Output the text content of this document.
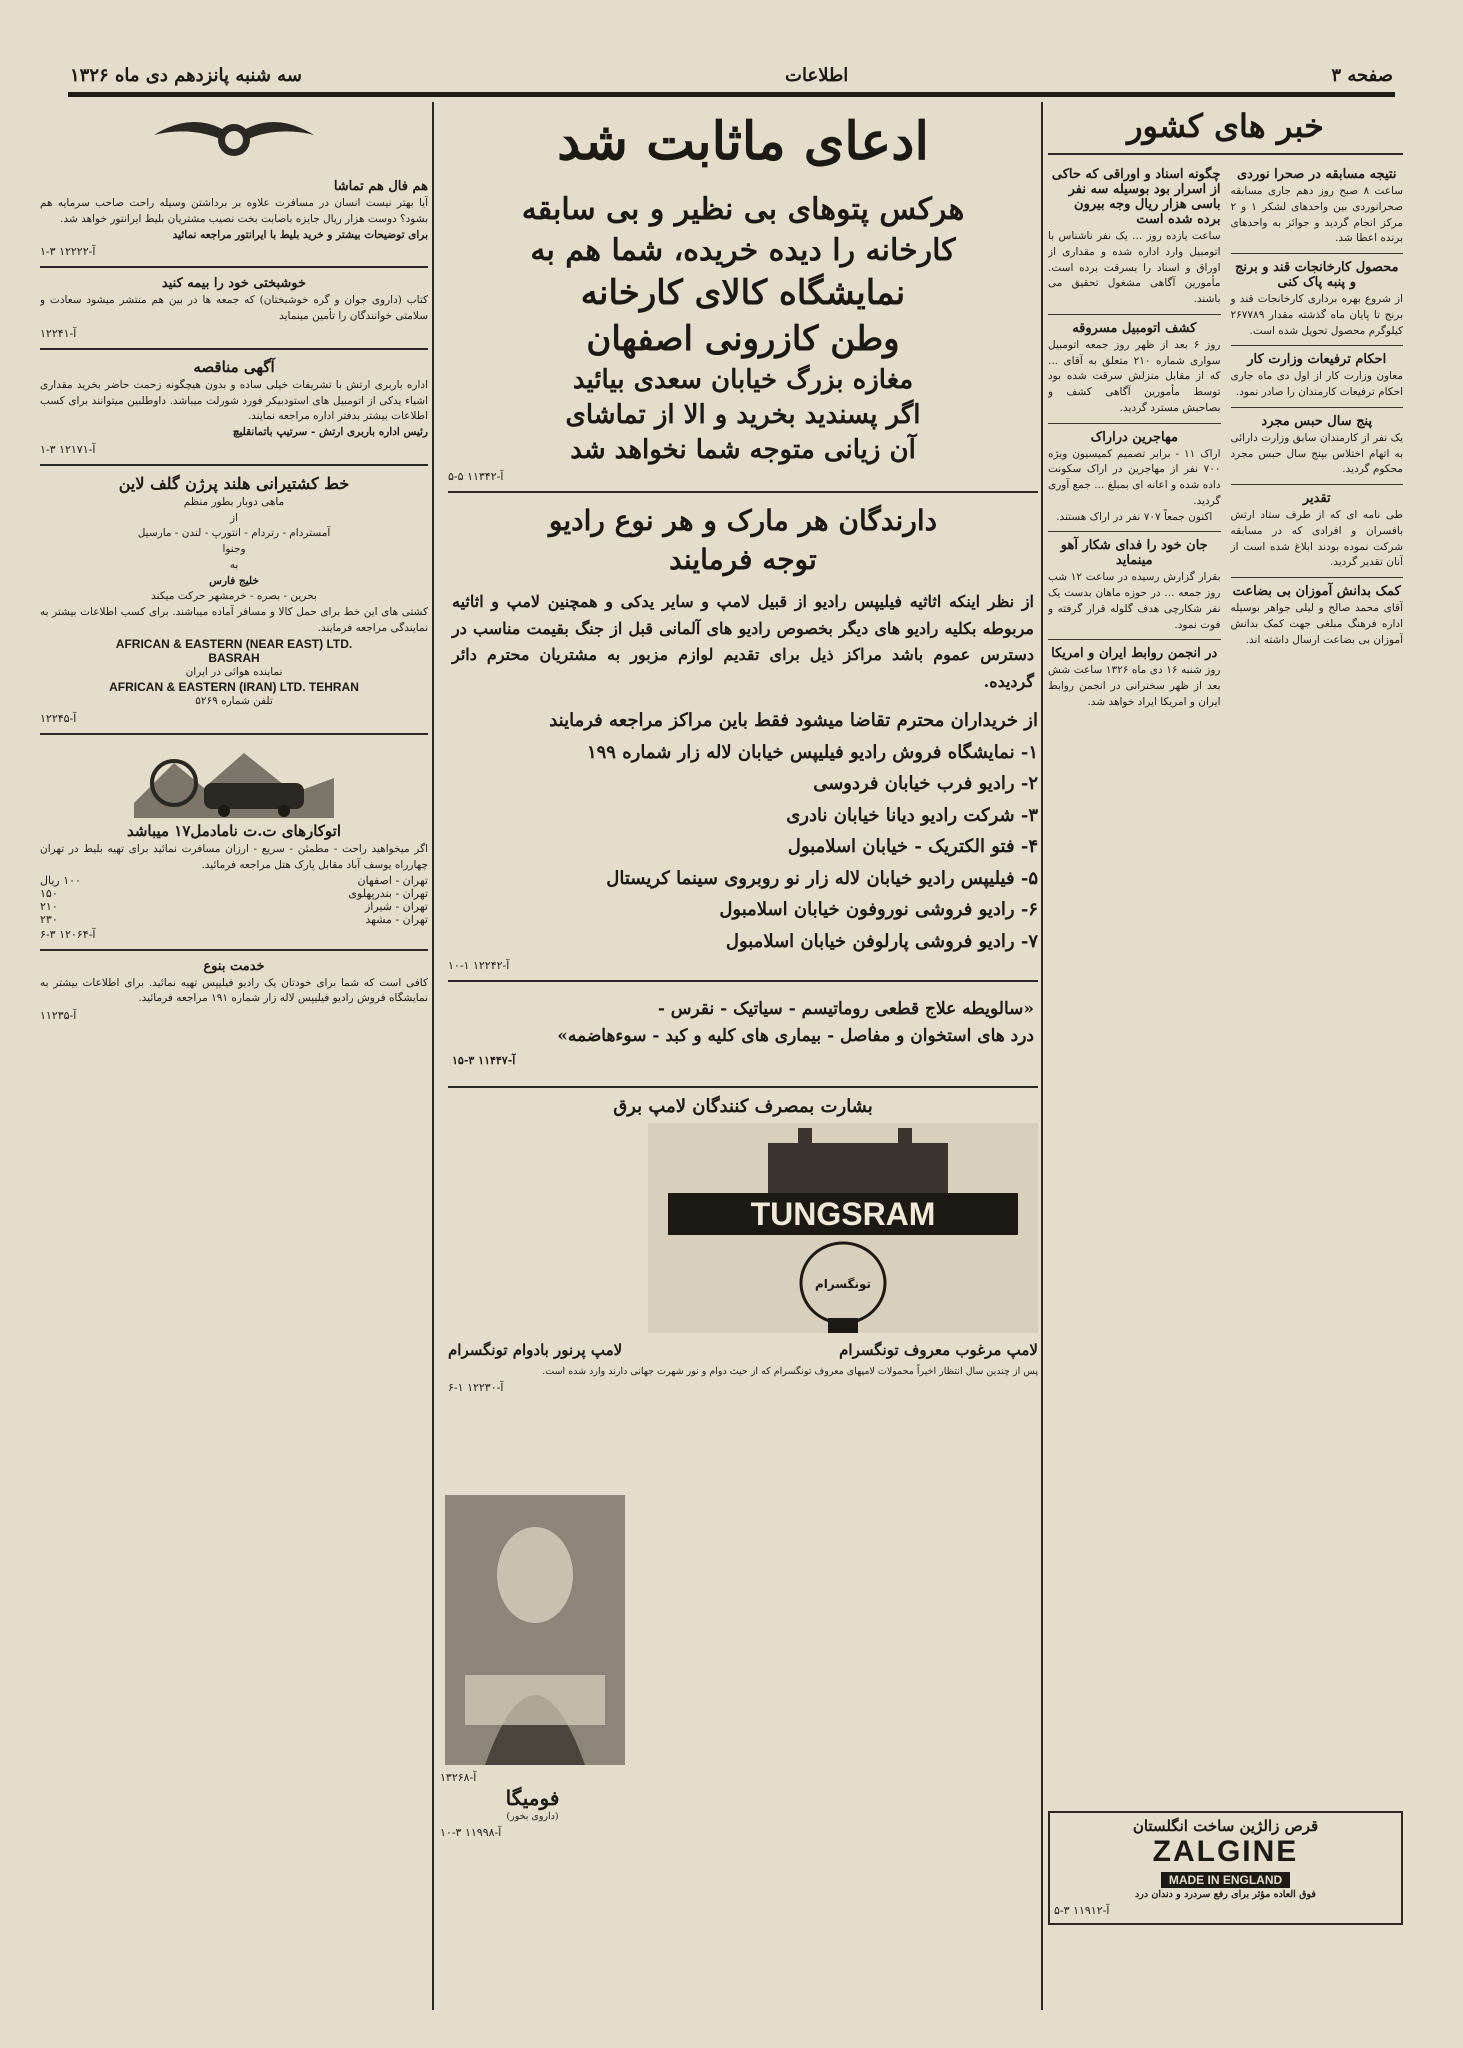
صفحه ۳
اطلاعات
سه شنبه پانزدهم دی ماه ۱۳۲۶
خبر های کشور
نتیجه مسابقه در صحرا نوردی
ساعت ۸ صبح روز دهم جاری مسابقه صحرانوردی بین واحدهای لشکر ۱ و ۲ مرکز انجام گردید و جوائز به واحدهای برنده اعطا شد.
محصول کارخانجات قند و برنج و پنبه پاک کنی
از شروع بهره برداری کارخانجات قند و برنج تا پایان ماه گذشته مقدار ۲۶۷۷۸۹ کیلوگرم محصول تحویل شده است.
احکام ترفیعات وزارت کار
معاون وزارت کار از اول دی ماه جاری احکام ترفیعات کارمندان را صادر نمود.
پنج سال حبس مجرد
یک نفر از کارمندان سابق وزارت دارائی به اتهام اختلاس بپنج سال حبس مجرد محکوم گردید.
تقدیر
طی نامه ای که از طرف ستاد ارتش بافسران و افرادی که در مسابقه شرکت نموده بودند ابلاغ شده است از آنان تقدیر گردید.
کمک بدانش آموزان بی بضاعت
آقای محمد صالح و لیلی جواهر بوسیله اداره فرهنگ مبلغی جهت کمک بدانش آموزان بی بضاعت ارسال داشته اند.
چگونه اسناد و اوراقی که حاکی از اسرار بود بوسیله سه نفر باسی هزار ریال وجه بیرون برده شده است
ساعت یازده روز ... یک نفر ناشناس با اتومبیل وارد اداره شده و مقداری از اوراق و اسناد را بسرقت برده است. مأمورین آگاهی مشغول تحقیق می باشند.
کشف اتومبیل مسروقه
روز ۶ بعد از ظهر روز جمعه اتومبیل سواری شماره ۲۱۰ متعلق به آقای ... که از مقابل منزلش سرقت شده بود توسط مأمورین آگاهی کشف و بصاحبش مسترد گردید.
مهاجرین دراراک
اراک ۱۱ - برابر تصمیم کمیسیون ویژه ۷۰۰ نفر از مهاجرین در اراک سکونت داده شده و اعانه ای بمبلغ ... جمع آوری گردید.
اکنون جمعاً ۷۰۷ نفر در اراک هستند.
جان خود را فدای شکار آهو مینماید
بقرار گزارش رسیده در ساعت ۱۲ شب روز جمعه ... در حوزه ماهان بدست یک نفر شکارچی هدف گلوله قرار گرفته و فوت نمود.
در انجمن روابط ایران و امریکا
روز شنبه ۱۶ دی ماه ۱۳۲۶ ساعت شش بعد از ظهر سخنرانی در انجمن روابط ایران و امریکا ایراد خواهد شد.
ادعای ماثابت شد
هرکس پتوهای بی نظیر و بی سابقه
کارخانه را دیده خریده، شما هم به
نمایشگاه کالای کارخانه
وطن کازرونی اصفهان
مغازه بزرگ خیابان سعدی بیائید
اگر پسندید بخرید و الا از تماشای
آن زیانی متوجه شما نخواهد شد
آ-۱۱۳۴۲ ۵-۵
دارندگان هر مارک و هر نوع رادیو
توجه فرمایند
از نظر اینکه اثاثیه فیلیپس رادیو از قبیل لامپ و سایر یدکی و همچنین لامپ و اثاثیه مربوطه بکلیه رادیو های دیگر بخصوص رادیو های آلمانی قبل از جنگ بقیمت مناسب در دسترس عموم باشد مراکز ذیل برای تقدیم لوازم مزبور به مشتریان محترم دائر گردیده.
از خریداران محترم تقاضا میشود فقط باین مراکز مراجعه فرمایند
۱- نمایشگاه فروش رادیو فیلیپس خیابان لاله زار شماره ۱۹۹
۲- رادیو فرب خیابان فردوسی
۳- شرکت رادیو دیانا خیابان نادری
۴- فتو الکتریک - خیابان اسلامبول
۵- فیلیپس رادیو خیابان لاله زار نو روبروی سینما کریستال
۶- رادیو فروشی نوروفون خیابان اسلامبول
۷- رادیو فروشی پارلوفن خیابان اسلامبول
آ-۱۲۲۴۲ ۱-۱۰
«سالویطه علاج قطعی روماتیسم - سیاتیک - نقرس -
درد های استخوان و مفاصل - بیماری های کلیه و کبد - سوءهاضمه»
آ-۱۱۴۴۷ ۳-۱۵
بشارت بمصرف کنندگان لامپ برق
TUNGSRAM
تونگسرام
لامپ مرغوب معروف تونگسرام
لامپ پرنور بادوام تونگسرام
پس از چندین سال انتظار اخیراً محمولات لامپهای معروف تونگسرام که از حیث دوام و نور شهرت جهانی دارند وارد شده است.
آ-۱۲۲۳۰ ۱-۶
آ-۱۳۲۶۸
فومیگا
(داروی بخور)
آ-۱۱۹۹۸ ۳-۱۰	قرص زالژین ساخت انگلستان
ZALGINE
MADE IN ENGLAND
فوق العاده مؤثر برای رفع سردرد و دندان درد
آ-۱۱۹۱۲ ۳-۵
هم فال هم تماشا
آیا بهتر نیست انسان در مسافرت علاوه بر برداشتن وسیله راحت صاحب سرمایه هم بشود؟ دوست هزار ریال جایزه باصابت بخت نصیب مشتریان بلیط ایرانتور خواهد شد.
برای توضیحات بیشتر و خرید بلیط با ایرانتور مراجعه نمائید
آ-۱۲۲۲۲ ۳-۱
خوشبختی خود را بیمه کنید
کتاب (داروی جوان و گره خوشبختان) که جمعه ها در بین هم منتشر میشود سعادت و سلامتی خوانندگان را تأمین مینماید
آ-۱۲۲۴۱
آگهی مناقصه
اداره باربری ارتش با تشریفات خیلی ساده و بدون هیچگونه زحمت حاضر بخرید مقداری اشیاء یدکی از اتومبیل های استودبیکر فورد شورلت میباشد. داوطلبین میتوانند برای کسب اطلاعات بیشتر بدفتر اداره مراجعه نمایند.
رئیس اداره باربری ارتش - سرتیپ باتمانقلیچ
آ-۱۲۱۷۱ ۳-۱
خط کشتیرانی هلند پرژن گلف لاین
ماهی دوبار بطور منظم
از
آمستردام - رتردام - انتورپ - لندن - مارسیل
وجنوا
به
خلیج فارس
بحرین - بصره - خرمشهر حرکت میکند
کشتی های این خط برای حمل کالا و مسافر آماده میباشند. برای کسب اطلاعات بیشتر به نمایندگی مراجعه فرمایند.
AFRICAN & EASTERN (NEAR EAST) LTD.
BASRAH
نماینده هوائی در ایران
AFRICAN & EASTERN (IRAN) LTD. TEHRAN
تلفن شماره ۵۲۶۹
آ-۱۲۲۴۵
اتوکارهای ت.ت نامادمل۱۷ میباشد
اگر میخواهید راحت - مطمئن - سریع - ارزان مسافرت نمائید برای تهیه بلیط در تهران چهارراه یوسف آباد مقابل پارک هتل مراجعه فرمائید.
تهران - اصفهان
۱۰۰ ریال
تهران - بندرپهلوی
۱۵۰
تهران - شیراز
۲۱۰
تهران - مشهد
۲۳۰
آ-۱۲۰۶۴ ۳-۶
خدمت بنوع
کافی است که شما برای خودتان یک رادیو فیلیپس تهیه نمائید. برای اطلاعات بیشتر به نمایشگاه فروش رادیو فیلیپس لاله زار شماره ۱۹۱ مراجعه فرمائید.
آ-۱۱۲۳۵
